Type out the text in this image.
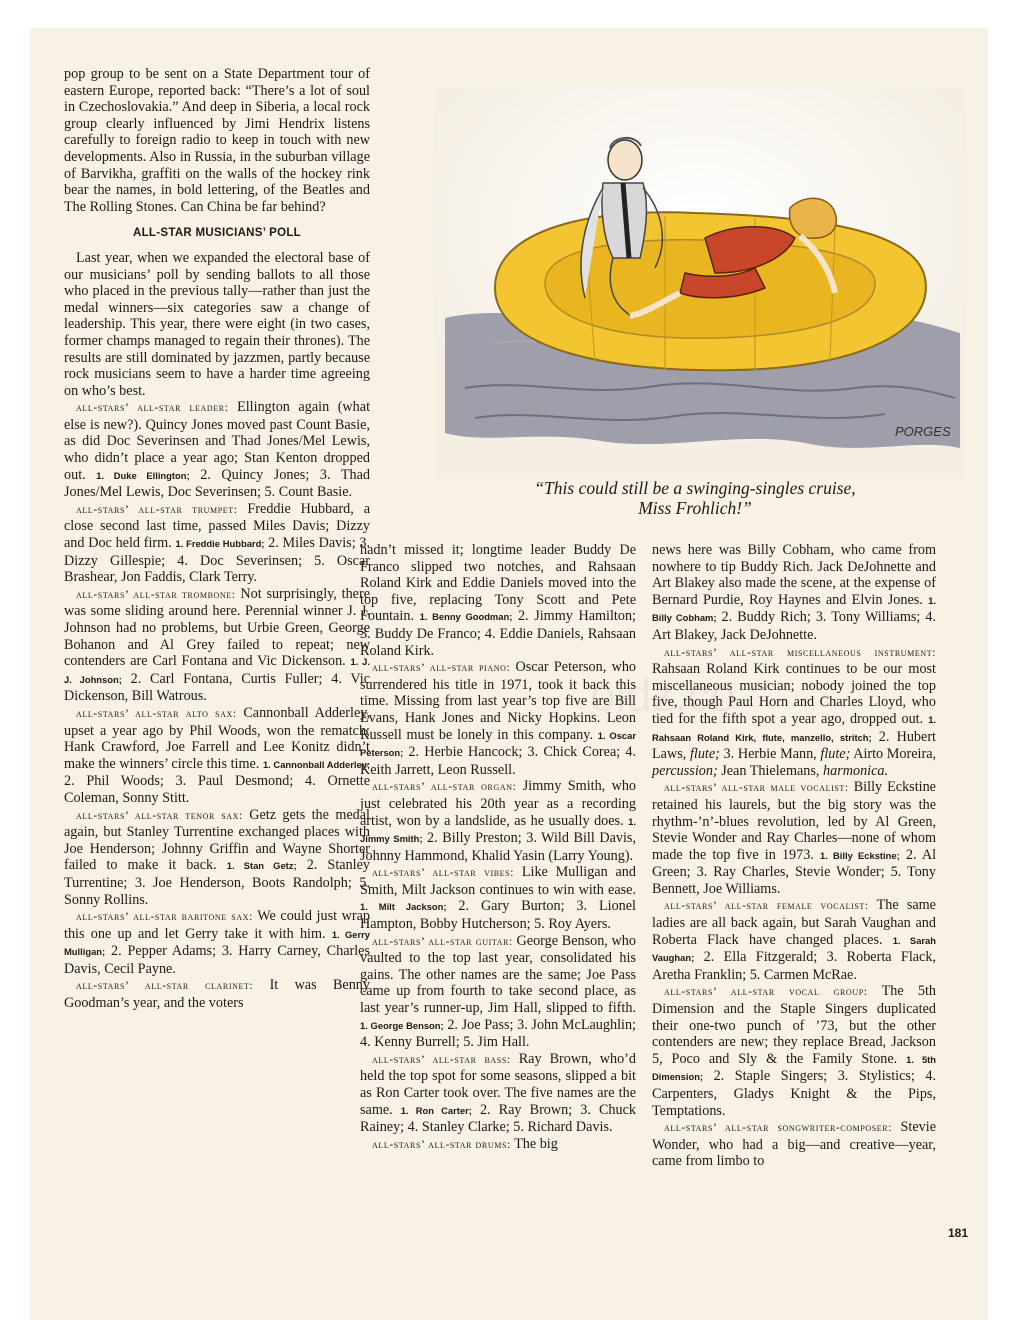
pop group to be sent on a State Department tour of eastern Europe, reported back: “There’s a lot of soul in Czechoslovakia.” And deep in Siberia, a local rock group clearly influenced by Jimi Hendrix listens carefully to foreign radio to keep in touch with new developments. Also in Russia, in the suburban village of Barvikha, graffiti on the walls of the hockey rink bear the names, in bold lettering, of the Beatles and The Rolling Stones. Can China be far behind?

ALL-STAR MUSICIANS’ POLL

Last year, when we expanded the electoral base of our musicians’ poll by sending ballots to all those who placed in the previous tally—rather than just the medal winners—six categories saw a change of leadership. This year, there were eight (in two cases, former champs managed to regain their thrones). The results are still dominated by jazzmen, partly because rock musicians seem to have a harder time agreeing on who’s best.

all-stars’ all-star leader: Ellington again (what else is new?). Quincy Jones moved past Count Basie, as did Doc Severinsen and Thad Jones/Mel Lewis, who didn’t place a year ago; Stan Kenton dropped out. 1. Duke Ellington; 2. Quincy Jones; 3. Thad Jones/Mel Lewis, Doc Severinsen; 5. Count Basie.

all-stars’ all-star trumpet: Freddie Hubbard, a close second last time, passed Miles Davis; Dizzy and Doc held firm. 1. Freddie Hubbard; 2. Miles Davis; 3. Dizzy Gillespie; 4. Doc Severinsen; 5. Oscar Brashear, Jon Faddis, Clark Terry.

all-stars’ all-star trombone: Not surprisingly, there was some sliding around here. Perennial winner J. J. Johnson had no problems, but Urbie Green, George Bohanon and Al Grey failed to repeat; new contenders are Carl Fontana and Vic Dickenson. 1. J. J. Johnson; 2. Carl Fontana, Curtis Fuller; 4. Vic Dickenson, Bill Watrous.

all-stars’ all-star alto sax: Cannonball Adderley, upset a year ago by Phil Woods, won the rematch; Hank Crawford, Joe Farrell and Lee Konitz didn’t make the winners’ circle this time. 1. Cannonball Adderley; 2. Phil Woods; 3. Paul Desmond; 4. Ornette Coleman, Sonny Stitt.

all-stars’ all-star tenor sax: Getz gets the medal again, but Stanley Turrentine exchanged places with Joe Henderson; Johnny Griffin and Wayne Shorter failed to make it back. 1. Stan Getz; 2. Stanley Turrentine; 3. Joe Henderson, Boots Randolph; 5. Sonny Rollins.

all-stars’ all-star baritone sax: We could just wrap this one up and let Gerry take it with him. 1. Gerry Mulligan; 2. Pepper Adams; 3. Harry Carney, Charles Davis, Cecil Payne.

all-stars’ all-star clarinet: It was Benny Goodman’s year, and the voters

PORGES
“This could still be a swinging-singles cruise,
Miss Frohlich!”

hadn’t missed it; longtime leader Buddy De Franco slipped two notches, and Rahsaan Roland Kirk and Eddie Daniels moved into the top five, replacing Tony Scott and Pete Fountain. 1. Benny Goodman; 2. Jimmy Hamilton; 3. Buddy De Franco; 4. Eddie Daniels, Rahsaan Roland Kirk.

all-stars’ all-star piano: Oscar Peterson, who surrendered his title in 1971, took it back this time. Missing from last year’s top five are Bill Evans, Hank Jones and Nicky Hopkins. Leon Russell must be lonely in this company. 1. Oscar Peterson; 2. Herbie Hancock; 3. Chick Corea; 4. Keith Jarrett, Leon Russell.

all-stars’ all-star organ: Jimmy Smith, who just celebrated his 20th year as a recording artist, won by a landslide, as he usually does. 1. Jimmy Smith; 2. Billy Preston; 3. Wild Bill Davis, Johnny Hammond, Khalid Yasin (Larry Young).

all-stars’ all-star vibes: Like Mulligan and Smith, Milt Jackson continues to win with ease. 1. Milt Jackson; 2. Gary Burton; 3. Lionel Hampton, Bobby Hutcherson; 5. Roy Ayers.

all-stars’ all-star guitar: George Benson, who vaulted to the top last year, consolidated his gains. The other names are the same; Joe Pass came up from fourth to take second place, as last year’s runner-up, Jim Hall, slipped to fifth. 1. George Benson; 2. Joe Pass; 3. John McLaughlin; 4. Kenny Burrell; 5. Jim Hall.

all-stars’ all-star bass: Ray Brown, who’d held the top spot for some seasons, slipped a bit as Ron Carter took over. The five names are the same. 1. Ron Carter; 2. Ray Brown; 3. Chuck Rainey; 4. Stanley Clarke; 5. Richard Davis.

all-stars’ all-star drums: The big

news here was Billy Cobham, who came from nowhere to tip Buddy Rich. Jack DeJohnette and Art Blakey also made the scene, at the expense of Bernard Purdie, Roy Haynes and Elvin Jones. 1. Billy Cobham; 2. Buddy Rich; 3. Tony Williams; 4. Art Blakey, Jack DeJohnette.

all-stars’ all-star miscellaneous instrument: Rahsaan Roland Kirk continues to be our most miscellaneous musician; nobody joined the top five, though Paul Horn and Charles Lloyd, who tied for the fifth spot a year ago, dropped out. 1. Rahsaan Roland Kirk, flute, manzello, stritch; 2. Hubert Laws, flute; 3. Herbie Mann, flute; Airto Moreira, percussion; Jean Thielemans, harmonica.

all-stars’ all-star male vocalist: Billy Eckstine retained his laurels, but the big story was the rhythm-’n’-blues revolution, led by Al Green, Stevie Wonder and Ray Charles—none of whom made the top five in 1973. 1. Billy Eckstine; 2. Al Green; 3. Ray Charles, Stevie Wonder; 5. Tony Bennett, Joe Williams.

all-stars’ all-star female vocalist: The same ladies are all back again, but Sarah Vaughan and Roberta Flack have changed places. 1. Sarah Vaughan; 2. Ella Fitzgerald; 3. Roberta Flack, Aretha Franklin; 5. Carmen McRae.

all-stars’ all-star vocal group: The 5th Dimension and the Staple Singers duplicated their one-two punch of ’73, but the other contenders are new; they replace Bread, Jackson 5, Poco and Sly & the Family Stone. 1. 5th Dimension; 2. Staple Singers; 3. Stylistics; 4. Carpenters, Gladys Knight & the Pips, Temptations.

all-stars’ all-star songwriter-composer: Stevie Wonder, who had a big—and creative—year, came from limbo to

oldz.co
181
